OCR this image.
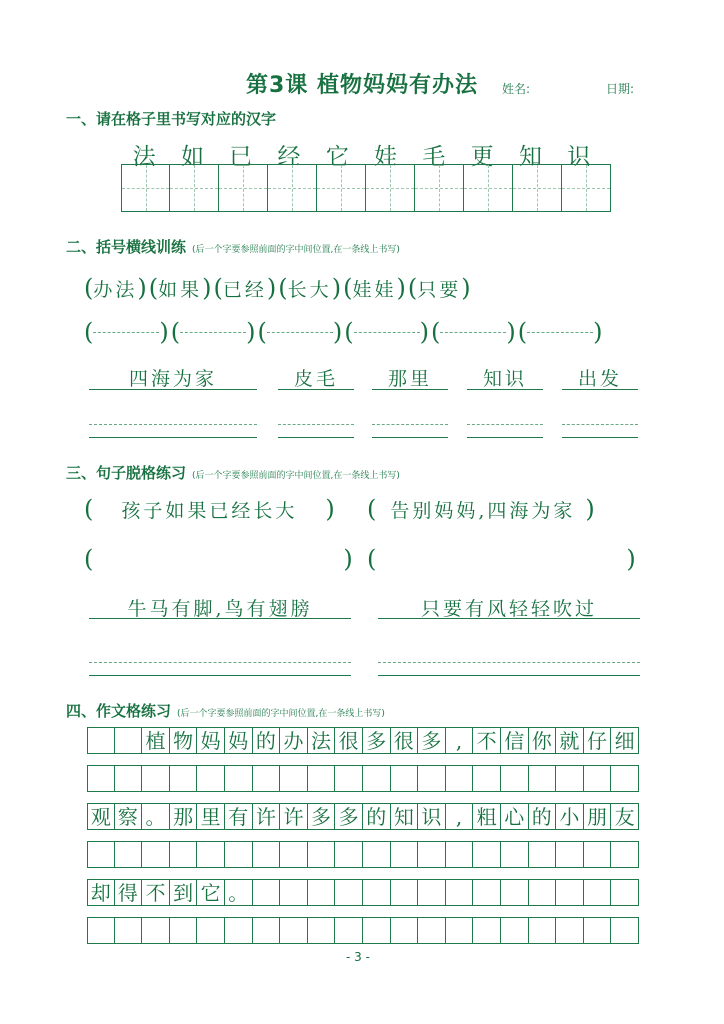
第3课 植物妈妈有办法 姓名:	日期:
一、请在格子里书写对应的汉字
法	如	已	经	它	娃	毛	更	知	识
二、括号横线训练 (后一个字要参照前面的字中间位置,在一条线上书写)
( 办法 ) ( 如果 ) ( 已经 ) ( 长大 ) ( 娃娃 ) ( 只要 )
(	) (	) (	) (	) (	) (	)
四海为家	皮毛	那里	知识	出发
三、句子脱格练习 (后一个字要参照前面的字中间位置,在一条线上书写)
( 孩子如果已经长大 ) ( 告别妈妈,四海为家 )
(	) (	)
牛马有脚,鸟有翅膀	只要有风轻轻吹过
四、作文格练习 (后一个字要参照前面的字中间位置,在一条线上书写)
植 物 妈 妈 的 办 法 很 多 很 多 , 不 信 你 就 仔 细
观 察 。 那 里 有 许 许 多 多 的 知 识 , 粗 心 的 小 朋 友
却 得 不 到 它 。
- 3 -
